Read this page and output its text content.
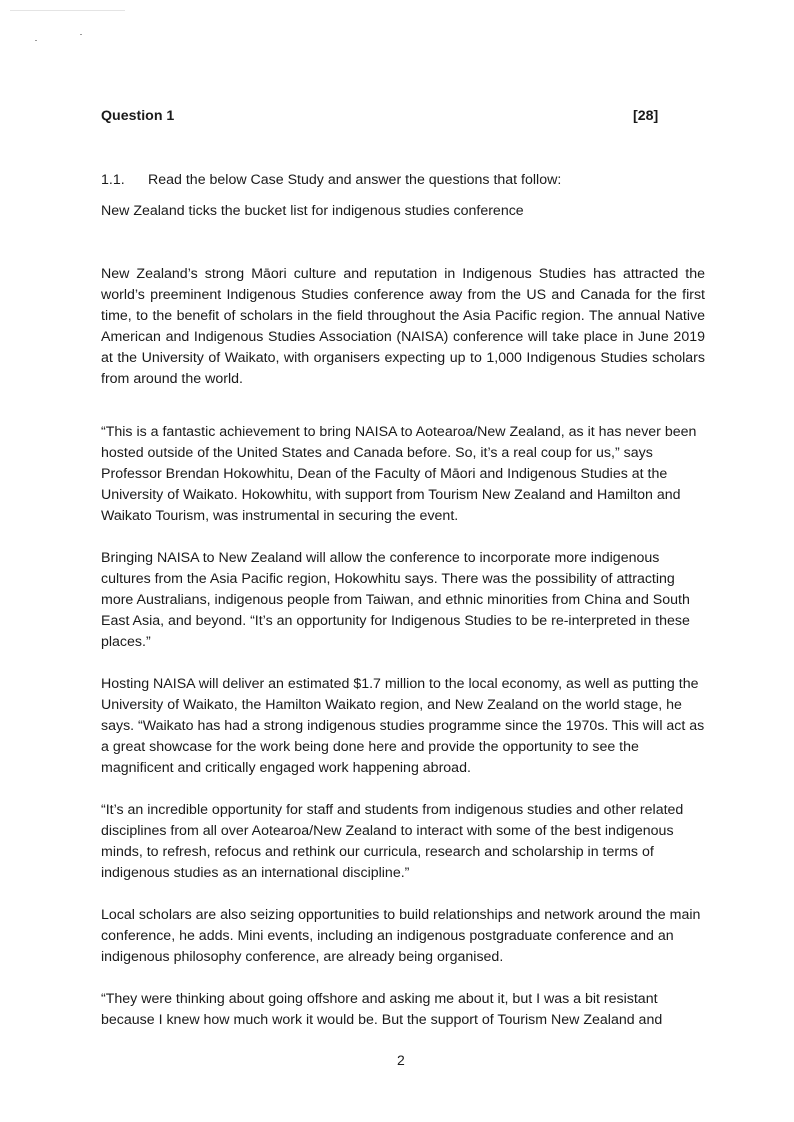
Question 1	[28]
1.1. Read the below Case Study and answer the questions that follow:
New Zealand ticks the bucket list for indigenous studies conference

New Zealand’s strong Māori culture and reputation in Indigenous Studies has attracted the world’s preeminent Indigenous Studies conference away from the US and Canada for the first time, to the benefit of scholars in the field throughout the Asia Pacific region. The annual Native American and Indigenous Studies Association (NAISA) conference will take place in June 2019 at the University of Waikato, with organisers expecting up to 1,000 Indigenous Studies scholars from around the world.

“This is a fantastic achievement to bring NAISA to Aotearoa/New Zealand, as it has never been hosted outside of the United States and Canada before. So, it’s a real coup for us,” says Professor Brendan Hokowhitu, Dean of the Faculty of Māori and Indigenous Studies at the University of Waikato. Hokowhitu, with support from Tourism New Zealand and Hamilton and Waikato Tourism, was instrumental in securing the event.

Bringing NAISA to New Zealand will allow the conference to incorporate more indigenous cultures from the Asia Pacific region, Hokowhitu says. There was the possibility of attracting more Australians, indigenous people from Taiwan, and ethnic minorities from China and South East Asia, and beyond. “It’s an opportunity for Indigenous Studies to be re-interpreted in these places.”

Hosting NAISA will deliver an estimated $1.7 million to the local economy, as well as putting the University of Waikato, the Hamilton Waikato region, and New Zealand on the world stage, he says. “Waikato has had a strong indigenous studies programme since the 1970s. This will act as a great showcase for the work being done here and provide the opportunity to see the magnificent and critically engaged work happening abroad.

“It’s an incredible opportunity for staff and students from indigenous studies and other related disciplines from all over Aotearoa/New Zealand to interact with some of the best indigenous minds, to refresh, refocus and rethink our curricula, research and scholarship in terms of indigenous studies as an international discipline.”

Local scholars are also seizing opportunities to build relationships and network around the main conference, he adds. Mini events, including an indigenous postgraduate conference and an indigenous philosophy conference, are already being organised.

“They were thinking about going offshore and asking me about it, but I was a bit resistant because I knew how much work it would be. But the support of Tourism New Zealand and

2
